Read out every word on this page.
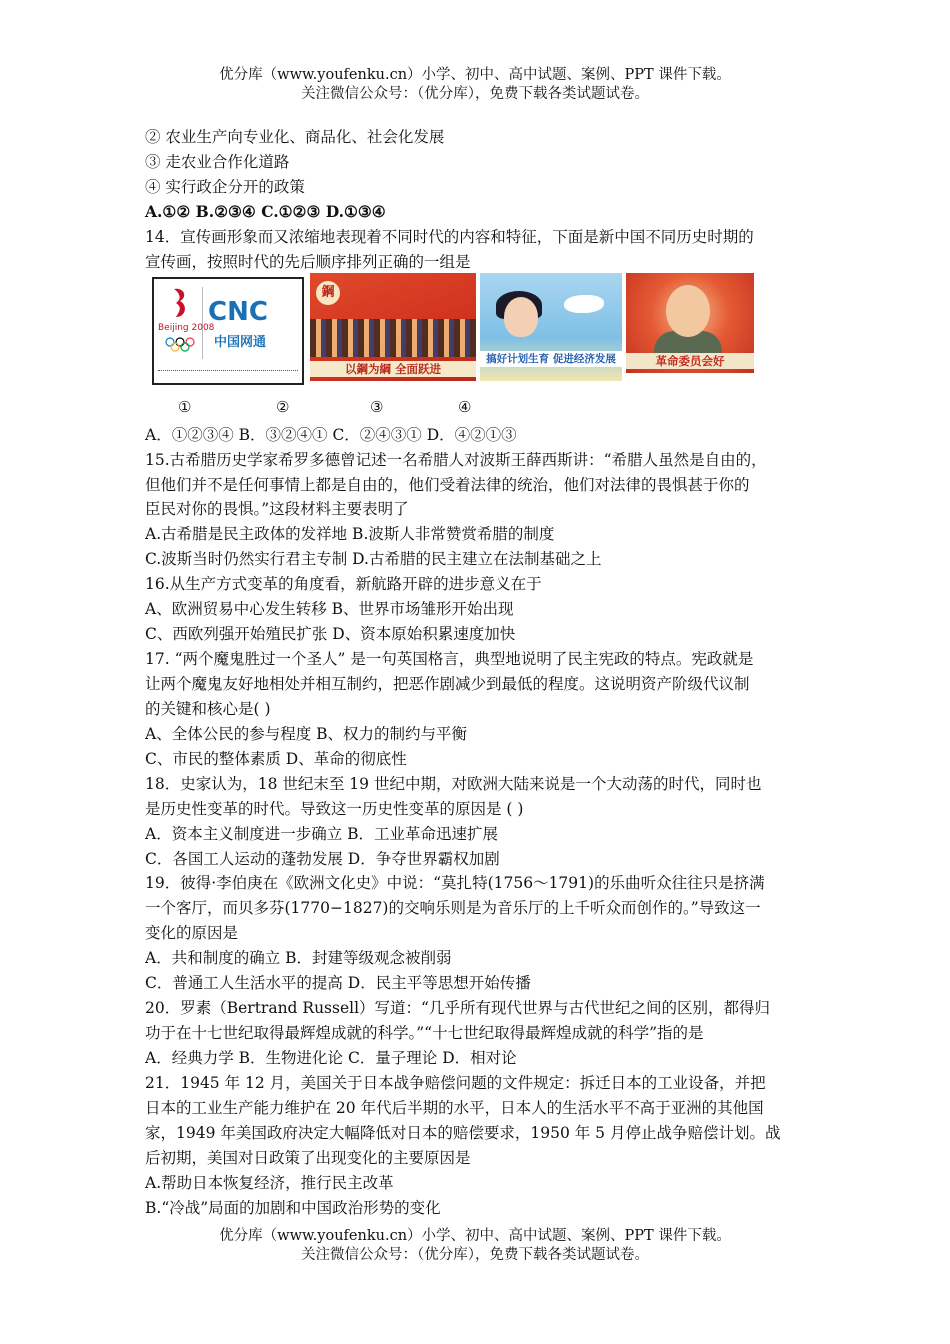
优分库（www.youfenku.cn）小学、初中、高中试题、案例、PPT 课件下载。
关注微信公众号：（优分库），免费下载各类试题试卷。
② 农业生产向专业化、商品化、社会化发展
③ 走农业合作化道路
④ 实行政企分开的政策
A.①② B.②③④ C.①②③ D.①③④
14．宣传画形象而又浓缩地表现着不同时代的内容和特征，下面是新中国不同历史时期的
宣传画，按照时代的先后顺序排列正确的一组是
Beijing 2008
CNC
中国网通
鋼
以鋼为綱 全面跃进
搞好计划生育 促进经济发展	革命委员会好
①	②	③	④
A．①②③④ B．③②④① C．②④③① D．④②①③
15.古希腊历史学家希罗多德曾记述一名希腊人对波斯王薛西斯讲：“希腊人虽然是自由的，
但他们并不是任何事情上都是自由的，他们受着法律的统治，他们对法律的畏惧甚于你的
臣民对你的畏惧。”这段材料主要表明了
A.古希腊是民主政体的发祥地 B.波斯人非常赞赏希腊的制度
C.波斯当时仍然实行君主专制 D.古希腊的民主建立在法制基础之上
16.从生产方式变革的角度看，新航路开辟的进步意义在于
A、欧洲贸易中心发生转移 B、世界市场雏形开始出现
C、西欧列强开始殖民扩张 D、资本原始积累速度加快
17. “两个魔鬼胜过一个圣人” 是一句英国格言，典型地说明了民主宪政的特点。宪政就是
让两个魔鬼友好地相处并相互制约，把恶作剧减少到最低的程度。这说明资产阶级代议制
的关键和核心是( )
A、全体公民的参与程度 B、权力的制约与平衡
C、市民的整体素质 D、革命的彻底性
18．史家认为，18 世纪末至 19 世纪中期，对欧洲大陆来说是一个大动荡的时代，同时也
是历史性变革的时代。导致这一历史性变革的原因是 ( )
A．资本主义制度进一步确立 B．工业革命迅速扩展
C．各国工人运动的蓬勃发展 D．争夺世界霸权加剧
19．彼得·李伯庚在《欧洲文化史》中说：“莫扎特(1756～1791)的乐曲听众往往只是挤满
一个客厅，而贝多芬(1770−1827)的交响乐则是为音乐厅的上千听众而创作的。”导致这一
变化的原因是
A．共和制度的确立 B．封建等级观念被削弱
C．普通工人生活水平的提高 D．民主平等思想开始传播
20．罗素（Bertrand Russell）写道：“几乎所有现代世界与古代世纪之间的区别，都得归
功于在十七世纪取得最辉煌成就的科学。”“十七世纪取得最辉煌成就的科学”指的是
A．经典力学 B．生物进化论 C．量子理论 D．相对论
21．1945 年 12 月，美国关于日本战争赔偿问题的文件规定：拆迁日本的工业设备，并把
日本的工业生产能力维护在 20 年代后半期的水平，日本人的生活水平不高于亚洲的其他国
家，1949 年美国政府决定大幅降低对日本的赔偿要求，1950 年 5 月停止战争赔偿计划。战
后初期，美国对日政策了出现变化的主要原因是
A.帮助日本恢复经济，推行民主改革
B.“冷战”局面的加剧和中国政治形势的变化
优分库（www.youfenku.cn）小学、初中、高中试题、案例、PPT 课件下载。
关注微信公众号：（优分库），免费下载各类试题试卷。
